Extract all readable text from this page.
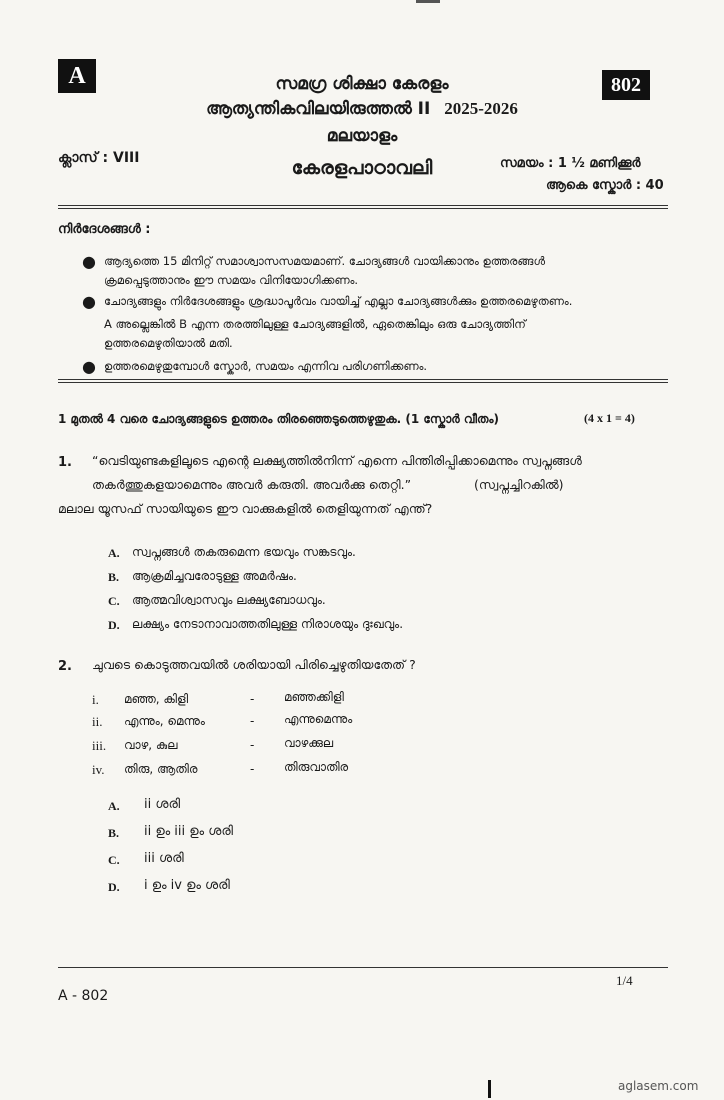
A	802
സമഗ്ര ശിക്ഷാ കേരളം
ആത്യന്തികവിലയിരുത്തൽ II 2025-2026
മലയാളം
കേരളപാഠാവലി
ക്ലാസ് : VIII	സമയം : 1 ½ മണിക്കൂർ
ആകെ സ്കോർ : 40
നിർദേശങ്ങൾ :
● ആദ്യത്തെ 15 മിനിറ്റ് സമാശ്വാസസമയമാണ്. ചോദ്യങ്ങൾ വായിക്കാനും ഉത്തരങ്ങൾ
ക്രമപ്പെടുത്താനും ഈ സമയം വിനിയോഗിക്കണം.
● ചോദ്യങ്ങളും നിർദേശങ്ങളും ശ്രദ്ധാപൂർവം വായിച്ച് എല്ലാ ചോദ്യങ്ങൾക്കും ഉത്തരമെഴുതണം.
A അല്ലെങ്കിൽ B എന്ന തരത്തിലുള്ള ചോദ്യങ്ങളിൽ, ഏതെങ്കിലും ഒരു ചോദ്യത്തിന്
ഉത്തരമെഴുതിയാൽ മതി.
● ഉത്തരമെഴുതുമ്പോൾ സ്കോർ, സമയം എന്നിവ പരിഗണിക്കണം.
1 മുതൽ 4 വരെ ചോദ്യങ്ങളുടെ ഉത്തരം തിരഞ്ഞെടുത്തെഴുതുക. (1 സ്കോർ വീതം)	(4 x 1 = 4)
1. “വെടിയുണ്ടകളിലൂടെ എന്റെ ലക്ഷ്യത്തിൽനിന്ന് എന്നെ പിന്തിരിപ്പിക്കാമെന്നും സ്വപ്നങ്ങൾ
തകർത്തുകളയാമെന്നും അവർ കരുതി. അവർക്കു തെറ്റി.”	(സ്വപ്നച്ചിറകിൽ)
മലാല യൂസഫ് സായിയുടെ ഈ വാക്കുകളിൽ തെളിയുന്നത് എന്ത്?
A. സ്വപ്നങ്ങൾ തകരുമെന്ന ഭയവും സങ്കടവും.
B. ആക്രമിച്ചവരോടുള്ള അമർഷം.
C. ആത്മവിശ്വാസവും ലക്ഷ്യബോധവും.
D. ലക്ഷ്യം നേടാനാവാത്തതിലുള്ള നിരാശയും ദുഃഖവും.
2. ചുവടെ കൊടുത്തവയിൽ ശരിയായി പിരിച്ചെഴുതിയതേത് ?
i. മഞ്ഞ, കിളി	- മഞ്ഞക്കിളി
ii. എന്നും, മെന്നും	- എന്നുമെന്നും
iii. വാഴ, കുല	- വാഴക്കുല
iv. തിരു, ആതിര	- തിരുവാതിര
A. ii ശരി
B. ii ഉം iii ഉം ശരി
C. iii ശരി
D. i ഉം iv ഉം ശരി
1/4
A - 802
aglasem.com
